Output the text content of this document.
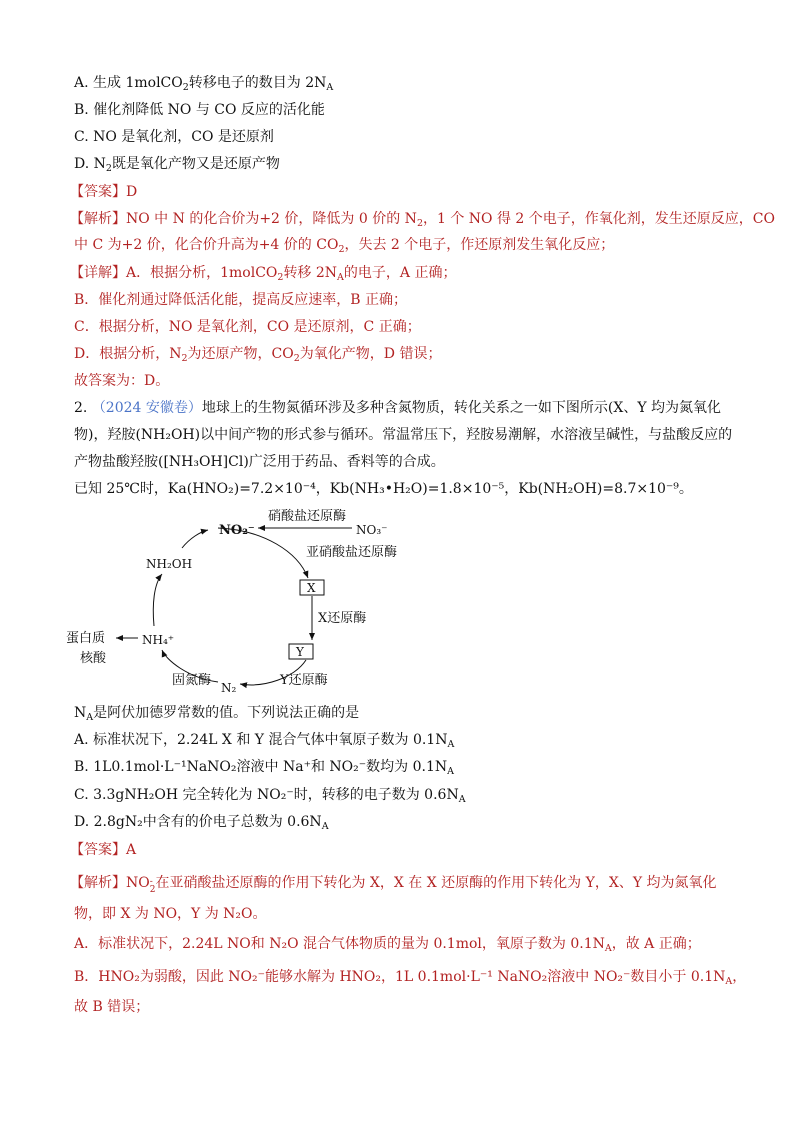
A. 生成 1molCO$_2$转移电子的数目为 $2N_A$
B. 催化剂降低 NO 与 CO 反应的活化能
C. NO 是氧化剂，CO 是还原剂
D. $N_2$既是氧化产物又是还原产物
【答案】D
【解析】NO 中 N 的化合价为+2 价，降低为 0 价的 $N_2$，1 个 NO 得 2 个电子，作氧化剂，发生还原反应，CO
中 C 为+2 价，化合价升高为+4 价的 $CO_2$，失去 2 个电子，作还原剂发生氧化反应；
【详解】A．根据分析，1molCO$_2$转移 $2N_A$的电子，A 正确；
B．催化剂通过降低活化能，提高反应速率，B 正确；
C．根据分析，NO 是氧化剂，CO 是还原剂，C 正确；
D．根据分析，$N_2$为还原产物，$CO_2$为氧化产物，D 错误；
故答案为：D。
2. （2024 安徽卷）地球上的生物氮循环涉及多种含氮物质，转化关系之一如下图所示(X、Y 均为氮氧化
物)，羟胺(NH₂OH)以中间产物的形式参与循环。常温常压下，羟胺易潮解，水溶液呈碱性，与盐酸反应的
产物盐酸羟胺([NH₃OH]Cl)广泛用于药品、香料等的合成。
已知 25℃时，Ka(HNO₂)=7.2×10⁻⁴，Kb(NH₃•H₂O)=1.8×10⁻⁵，Kb(NH₂OH)=8.7×10⁻⁹。
NO₂⁻	NO₃⁻
硝酸盐还原酶
亚硝酸盐还原酶
X
X还原酶
Y
Y还原酶
N₂
固氮酶
NH₄⁺
NH₂OH
蛋白质
核酸
$N_A$是阿伏加德罗常数的值。下列说法正确的是
A. 标准状况下，2.24L X 和 Y 混合气体中氧原子数为 $0.1N_A$
B. 1L0.1mol·L⁻¹NaNO₂溶液中 Na⁺和 NO₂⁻数均为 $0.1N_A$
C. 3.3gNH₂OH 完全转化为 NO₂⁻时，转移的电子数为 $0.6N_A$
D. 2.8gN₂中含有的价电子总数为 $0.6N_A$
【答案】A
【解析】NO -
2 在亚硝酸盐还原酶的作用下转化为 X，X 在 X 还原酶的作用下转化为 Y，X、Y 均为氮氧化
物，即 X 为 NO，Y 为 N₂O。
A．标准状况下，2.24L NO和 N₂O 混合气体物质的量为 0.1mol，氧原子数为 $0.1N_A$，故 A 正确；
B．HNO₂为弱酸，因此 NO₂⁻能够水解为 HNO₂，1L 0.1mol·L⁻¹ NaNO₂溶液中 NO₂⁻数目小于 $0.1N_A$，
故 B 错误；
